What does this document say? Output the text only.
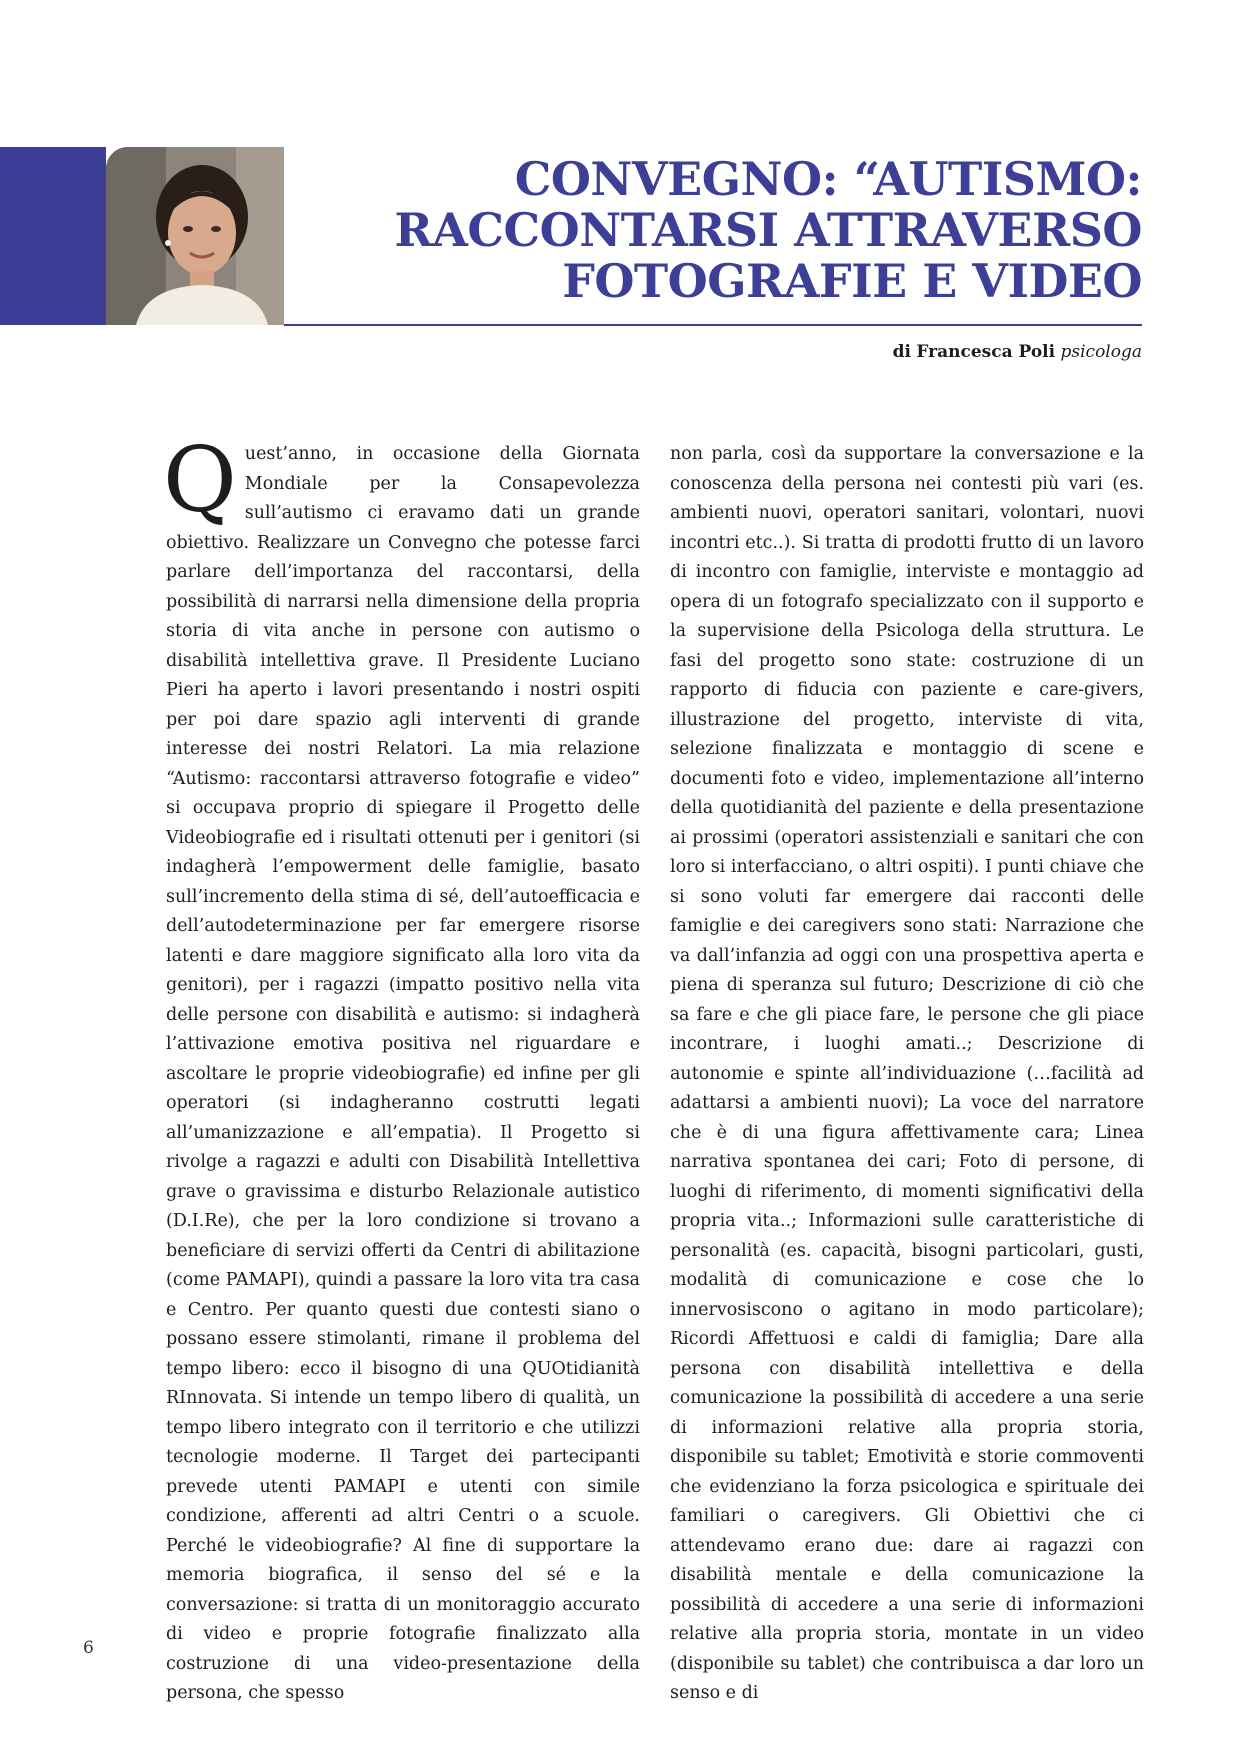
CONVEGNO: “AUTISMO:
RACCONTARSI ATTRAVERSO
FOTOGRAFIE E VIDEO
di Francesca Poli psicologa

Quest’anno, in occasione della Giornata Mondiale per la Consapevolezza sull’autismo ci eravamo dati un grande obiettivo. Realizzare un Convegno che potesse farci parlare dell’importanza del raccontarsi, della possibilità di narrarsi nella dimensione della propria storia di vita anche in persone con autismo o disabilità intellettiva grave. Il Presidente Luciano Pieri ha aperto i lavori presentando i nostri ospiti per poi dare spazio agli interventi di grande interesse dei nostri Relatori. La mia relazione “Autismo: raccontarsi attraverso fotografie e video” si occupava proprio di spiegare il Progetto delle Videobiografie ed i risultati ottenuti per i genitori (si indagherà l’empowerment delle famiglie, basato sull’incremento della stima di sé, dell’autoefficacia e dell’autodeterminazione per far emergere risorse latenti e dare maggiore significato alla loro vita da genitori), per i ragazzi (impatto positivo nella vita delle persone con disabilità e autismo: si indagherà l’attivazione emotiva positiva nel riguardare e ascoltare le proprie videobiografie) ed infine per gli operatori (si indagheranno costrutti legati all’umanizzazione e all’empatia). Il Progetto si rivolge a ragazzi e adulti con Disabilità Intellettiva grave o gravissima e disturbo Relazionale autistico (D.I.Re), che per la loro condizione si trovano a beneficiare di servizi offerti da Centri di abilitazione (come PAMAPI), quindi a passare la loro vita tra casa e Centro. Per quanto questi due contesti siano o possano essere stimolanti, rimane il problema del tempo libero: ecco il bisogno di una QUOtidianità RInnovata. Si intende un tempo libero di qualità, un tempo libero integrato con il territorio e che utilizzi tecnologie moderne. Il Target dei partecipanti prevede utenti PAMAPI e utenti con simile condizione, afferenti ad altri Centri o a scuole. Perché le videobiografie? Al fine di supportare la memoria biografica, il senso del sé e la conversazione: si tratta di un monitoraggio accurato di video e proprie fotografie finalizzato alla costruzione di una video-presentazione della persona, che spesso

non parla, così da supportare la conversazione e la conoscenza della persona nei contesti più vari (es. ambienti nuovi, operatori sanitari, volontari, nuovi incontri etc..). Si tratta di prodotti frutto di un lavoro di incontro con famiglie, interviste e montaggio ad opera di un fotografo specializzato con il supporto e la supervisione della Psicologa della struttura. Le fasi del progetto sono state: costruzione di un rapporto di fiducia con paziente e care-givers, illustrazione del progetto, interviste di vita, selezione finalizzata e montaggio di scene e documenti foto e video, implementazione all’interno della quotidianità del paziente e della presentazione ai prossimi (operatori assistenziali e sanitari che con loro si interfacciano, o altri ospiti). I punti chiave che si sono voluti far emergere dai racconti delle famiglie e dei caregivers sono stati: Narrazione che va dall’infanzia ad oggi con una prospettiva aperta e piena di speranza sul futuro; Descrizione di ciò che sa fare e che gli piace fare, le persone che gli piace incontrare, i luoghi amati..; Descrizione di autonomie e spinte all’individuazione (…facilità ad adattarsi a ambienti nuovi); La voce del narratore che è di una figura affettivamente cara; Linea narrativa spontanea dei cari; Foto di persone, di luoghi di riferimento, di momenti significativi della propria vita..; Informazioni sulle caratteristiche di personalità (es. capacità, bisogni particolari, gusti, modalità di comunicazione e cose che lo innervosiscono o agitano in modo particolare); Ricordi Affettuosi e caldi di famiglia; Dare alla persona con disabilità intellettiva e della comunicazione la possibilità di accedere a una serie di informazioni relative alla propria storia, disponibile su tablet; Emotività e storie commoventi che evidenziano la forza psicologica e spirituale dei familiari o caregivers. Gli Obiettivi che ci attendevamo erano due: dare ai ragazzi con disabilità mentale e della comunicazione la possibilità di accedere a una serie di informazioni relative alla propria storia, montate in un video (disponibile su tablet) che contribuisca a dar loro un senso e di

6
